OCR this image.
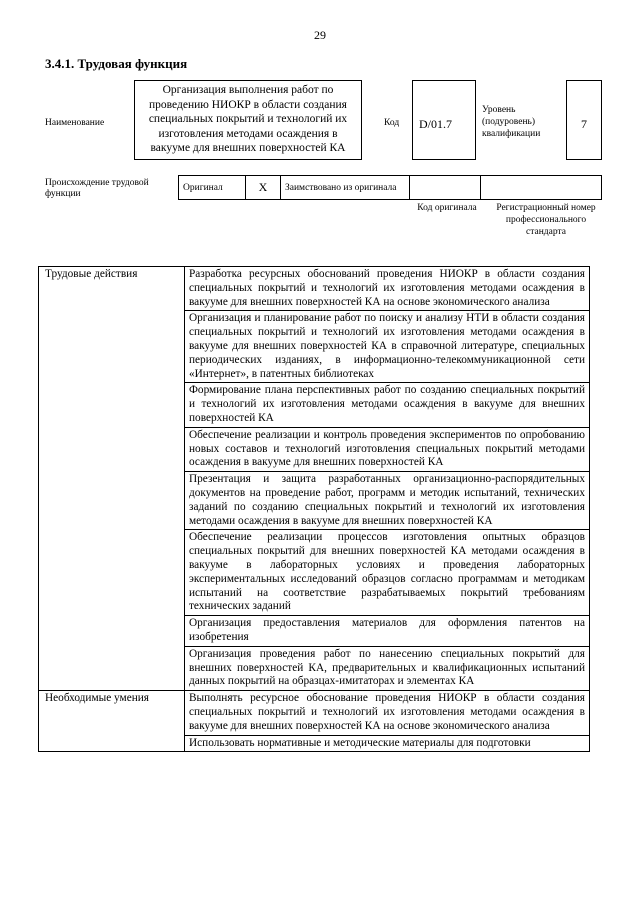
29
3.4.1. Трудовая функция
Наименование
Организация выполнения работ по проведению НИОКР в области создания специальных покрытий и технологий их изготовления методами осаждения в вакууме для внешних поверхностей КА
Код	D/01.7
Уровень (подуровень) квалификации
7
Происхождение трудовой функции
Оригинал	X	Заимствовано из оригинала		
Код оригинала	Регистрационный номер профессионального стандарта
Трудовые действия	Разработка ресурсных обоснований проведения НИОКР в области создания специальных покрытий и технологий их изготовления методами осаждения в вакууме для внешних поверхностей КА на основе экономического анализа
	Организация и планирование работ по поиску и анализу НТИ в области создания специальных покрытий и технологий их изготовления методами осаждения в вакууме для внешних поверхностей КА в справочной литературе, специальных периодических изданиях, в информационно-телекоммуникационной сети «Интернет», в патентных библиотеках
	Формирование плана перспективных работ по созданию специальных покрытий и технологий их изготовления методами осаждения в вакууме для внешних поверхностей КА
	Обеспечение реализации и контроль проведения экспериментов по опробованию новых составов и технологий изготовления специальных покрытий методами осаждения в вакууме для внешних поверхностей КА
	Презентация и защита разработанных организационно-распорядительных документов на проведение работ, программ и методик испытаний, технических заданий по созданию специальных покрытий и технологий их изготовления методами осаждения в вакууме для внешних поверхностей КА
	Обеспечение реализации процессов изготовления опытных образцов специальных покрытий для внешних поверхностей КА методами осаждения в вакууме в лабораторных условиях и проведения лабораторных экспериментальных исследований образцов согласно программам и методикам испытаний на соответствие разрабатываемых покрытий требованиям технических заданий
	Организация предоставления материалов для оформления патентов на изобретения
	Организация проведения работ по нанесению специальных покрытий для внешних поверхностей КА, предварительных и квалификационных испытаний данных покрытий на образцах-имитаторах и элементах КА
Необходимые умения	Выполнять ресурсное обоснование проведения НИОКР в области создания специальных покрытий и технологий их изготовления методами осаждения в вакууме для внешних поверхностей КА на основе экономического анализа
	Использовать нормативные и методические материалы для подготовки
